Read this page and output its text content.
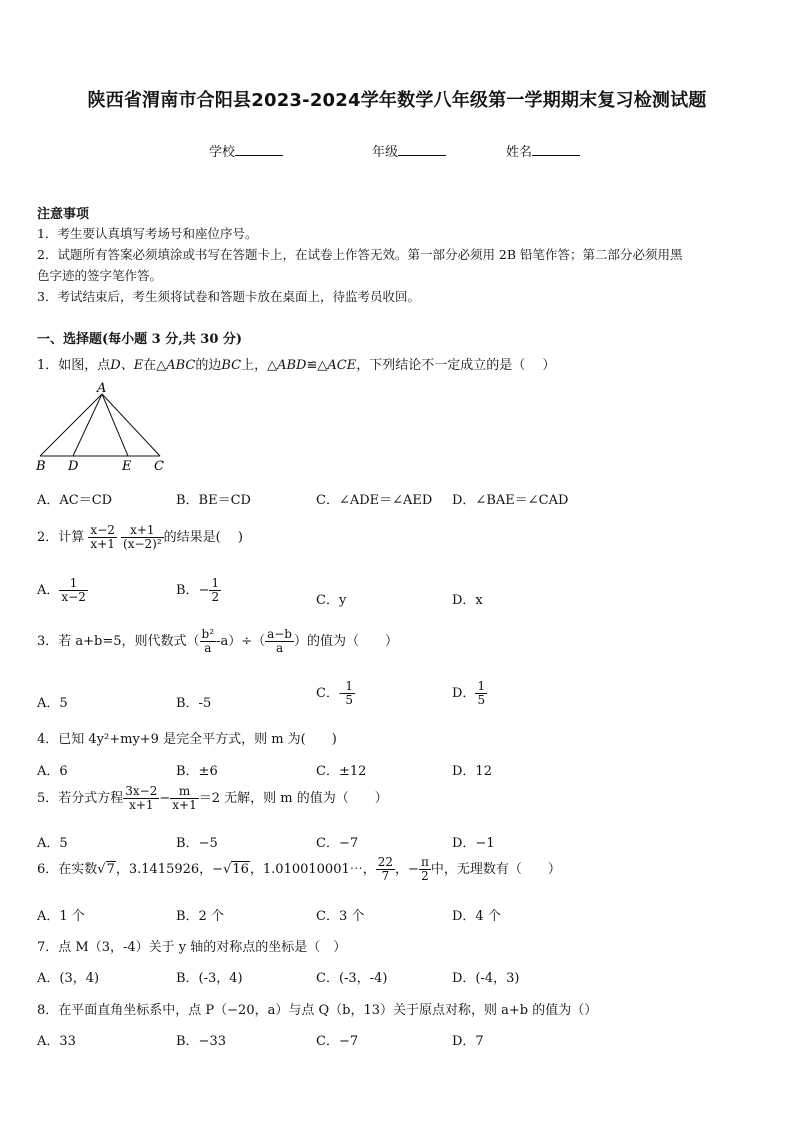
陕西省渭南市合阳县2023-2024学年数学八年级第一学期期末复习检测试题
学校	年级	姓名
注意事项
1．考生要认真填写考场号和座位序号。
2．试题所有答案必须填涂或书写在答题卡上，在试卷上作答无效。第一部分必须用 2B 铅笔作答；第二部分必须用黑
色字迹的签字笔作答。
3．考试结束后，考生须将试卷和答题卡放在桌面上，待监考员收回。
一、选择题(每小题 3 分,共 30 分)
1．如图，点D、E在△ABC的边BC上，△ABD≌△ACE，下列结论不一定成立的是（　 ）
A
B D	E C
A．AC＝CD	B．BE＝CD	C．∠ADE＝∠AED D．∠BAE＝∠CAD
2．计算 $\frac{x-2}{x+1}$
$\frac{x+1}{\text{(x−2)²}}$ 的结果是(　 )
A． $\frac{1}{x-2}$	B．− $\frac{1}{2}$	C．y	D．x
3．若 a+b=5，则代数式（ $\frac{\text{b²}}{a} -a)\div( \frac{a-b}{a}$ ）的值为（　　）
A．5	B．-5
C．- $\frac{1}{5}$	D． $\frac{1}{5}$
4．已知 4y²+my+9 是完全平方式，则 m 为(　　)
A．6	B．±6	C．±12	D．12
5．若分式方程 $\frac{3x-2}{x+1} - \frac{m}{x+1} =2$ 无解，则 m 的值为（　　）
A．5	B．−5	C．−7	D．−1
6．在实数√7，3.1415926，−√16，1.010010001⋯， $\frac{22}{7}$ ，− $\frac{\pi}{2}$ 中，无理数有（　　）
A．1 个	B．2 个	C．3 个	D．4 个
7．点 M（3，-4）关于 y 轴的对称点的坐标是（　）
A．(3，4)	B．(-3，4)	C．(-3，-4)	D．(-4，3)
8．在平面直角坐标系中，点 P（−20，a）与点 Q（b，13）关于原点对称，则 a+b 的值为（）
A．33	B．−33	C．−7	D．7
